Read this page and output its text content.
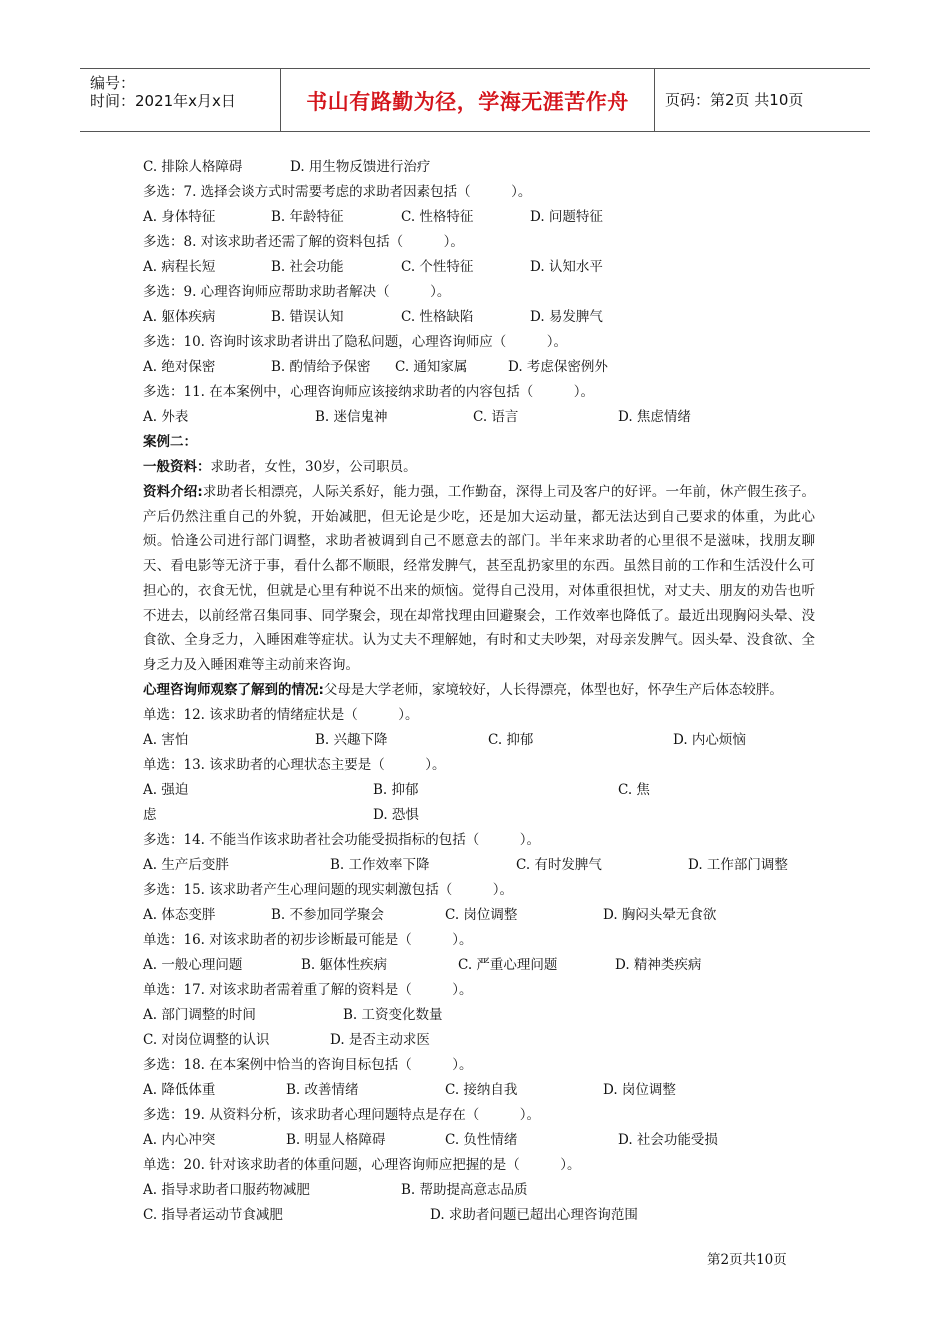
编号：
时间：2021年x月x日	书山有路勤为径，学海无涯苦作舟	页码：第2页 共10页
C. 排除人格障碍	D. 用生物反馈进行治疗
多选：7. 选择会谈方式时需要考虑的求助者因素包括（　　　）。
A. 身体特征	B. 年龄特征	C. 性格特征	D. 问题特征
多选：8. 对该求助者还需了解的资料包括（　　　）。
A. 病程长短	B. 社会功能	C. 个性特征	D. 认知水平
多选：9. 心理咨询师应帮助求助者解决（　　　）。
A. 躯体疾病	B. 错误认知	C. 性格缺陷	D. 易发脾气
多选：10. 咨询时该求助者讲出了隐私问题，心理咨询师应（　　　）。
A. 绝对保密	B. 酌情给予保密 C. 通知家属	D. 考虑保密例外
多选：11. 在本案例中，心理咨询师应该接纳求助者的内容包括（　　　）。
A. 外表	B. 迷信鬼神	C. 语言	D. 焦虑情绪
案例二：
一般资料：求助者，女性，30岁，公司职员。
资料介绍:求助者长相漂亮，人际关系好，能力强，工作勤奋，深得上司及客户的好评。一年前，休产假生孩子。产后仍然注重自己的外貌，开始减肥，但无论是少吃，还是加大运动量，都无法达到自己要求的体重，为此心烦。恰逢公司进行部门调整，求助者被调到自己不愿意去的部门。半年来求助者的心里很不是滋味，找朋友聊天、看电影等无济于事，看什么都不顺眼，经常发脾气，甚至乱扔家里的东西。虽然目前的工作和生活没什么可担心的，衣食无忧，但就是心里有种说不出来的烦恼。觉得自己没用，对体重很担忧，对丈夫、朋友的劝告也听不进去，以前经常召集同事、同学聚会，现在却常找理由回避聚会，工作效率也降低了。最近出现胸闷头晕、没食欲、全身乏力，入睡困难等症状。认为丈夫不理解她，有时和丈夫吵架，对母亲发脾气。因头晕、没食欲、全身乏力及入睡困难等主动前来咨询。
心理咨询师观察了解到的情况:父母是大学老师，家境较好，人长得漂亮，体型也好，怀孕生产后体态较胖。
单选：12. 该求助者的情绪症状是（　　　）。
A. 害怕	B. 兴趣下降	C. 抑郁	D. 内心烦恼
单选：13. 该求助者的心理状态主要是（　　　）。
A. 强迫	B. 抑郁	C. 焦
虑	D. 恐惧
多选：14. 不能当作该求助者社会功能受损指标的包括（　　　）。
A. 生产后变胖	B. 工作效率下降	C. 有时发脾气	D. 工作部门调整
多选：15. 该求助者产生心理问题的现实刺激包括（　　　）。
A. 体态变胖	B. 不参加同学聚会	C. 岗位调整	D. 胸闷头晕无食欲
单选：16. 对该求助者的初步诊断最可能是（　　　）。
A. 一般心理问题	B. 躯体性疾病	C. 严重心理问题	D. 精神类疾病
单选：17. 对该求助者需着重了解的资料是（　　　）。
A. 部门调整的时间	B. 工资变化数量
C. 对岗位调整的认识	D. 是否主动求医
多选：18. 在本案例中恰当的咨询目标包括（　　　）。
A. 降低体重	B. 改善情绪	C. 接纳自我	D. 岗位调整
多选：19. 从资料分析，该求助者心理问题特点是存在（　　　）。
A. 内心冲突	B. 明显人格障碍	C. 负性情绪	D. 社会功能受损
单选：20. 针对该求助者的体重问题，心理咨询师应把握的是（　　　）。
A. 指导求助者口服药物减肥	B. 帮助提高意志品质
C. 指导者运动节食减肥	D. 求助者问题已超出心理咨询范围
第2页共10页
